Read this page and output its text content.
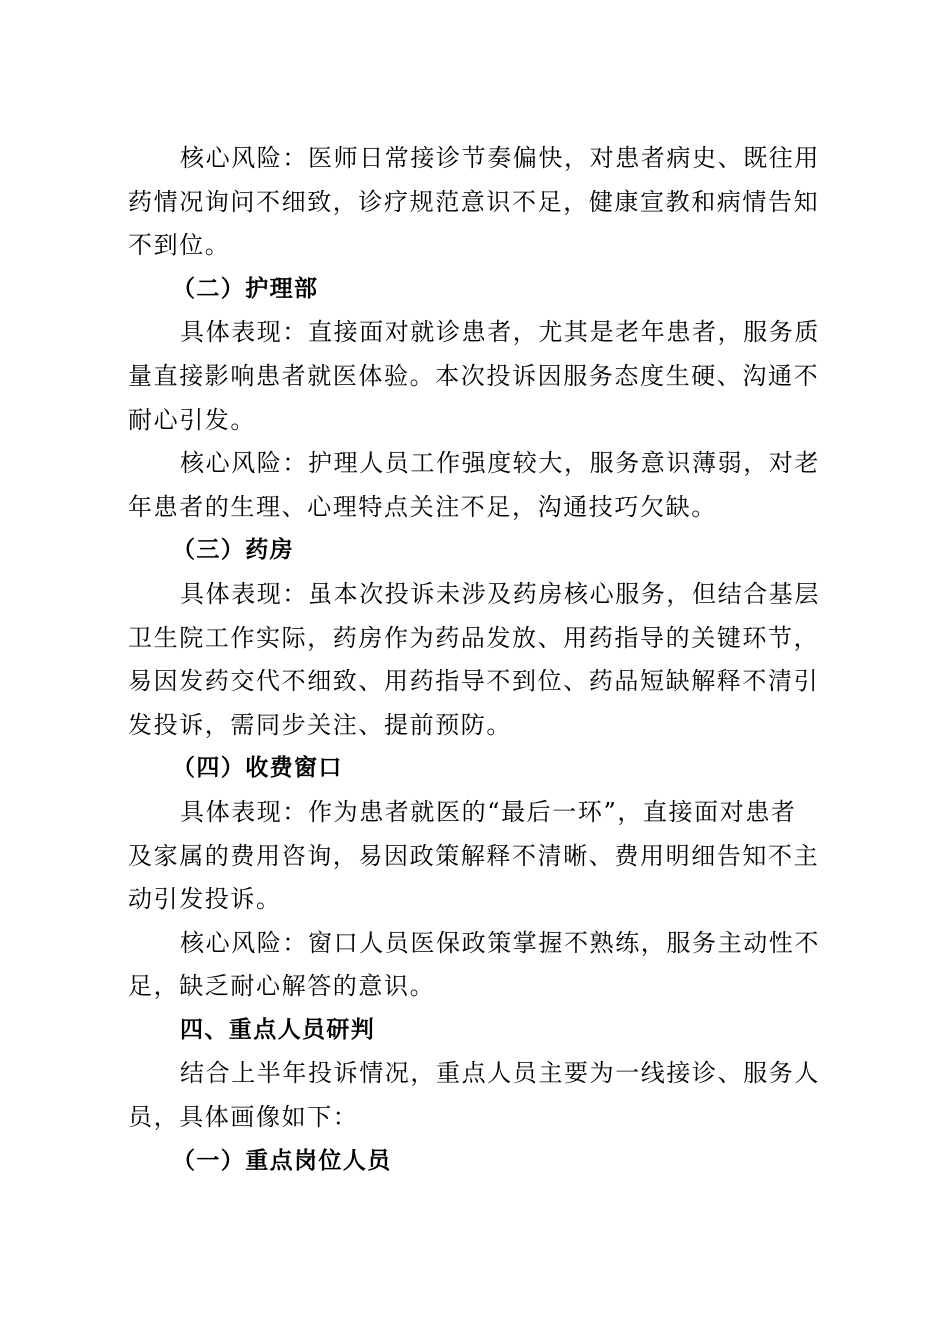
核心风险：医师日常接诊节奏偏快，对患者病史、既往用
药情况询问不细致，诊疗规范意识不足，健康宣教和病情告知
不到位。

（二）护理部

具体表现：直接面对就诊患者，尤其是老年患者，服务质
量直接影响患者就医体验。本次投诉因服务态度生硬、沟通不
耐心引发。

核心风险：护理人员工作强度较大，服务意识薄弱，对老
年患者的生理、心理特点关注不足，沟通技巧欠缺。

（三）药房

具体表现：虽本次投诉未涉及药房核心服务，但结合基层
卫生院工作实际，药房作为药品发放、用药指导的关键环节，
易因发药交代不细致、用药指导不到位、药品短缺解释不清引
发投诉，需同步关注、提前预防。

（四）收费窗口

具体表现：作为患者就医的“最后一环”，直接面对患者
及家属的费用咨询，易因政策解释不清晰、费用明细告知不主
动引发投诉。

核心风险：窗口人员医保政策掌握不熟练，服务主动性不
足，缺乏耐心解答的意识。

四、重点人员研判

结合上半年投诉情况，重点人员主要为一线接诊、服务人
员，具体画像如下：

（一）重点岗位人员
